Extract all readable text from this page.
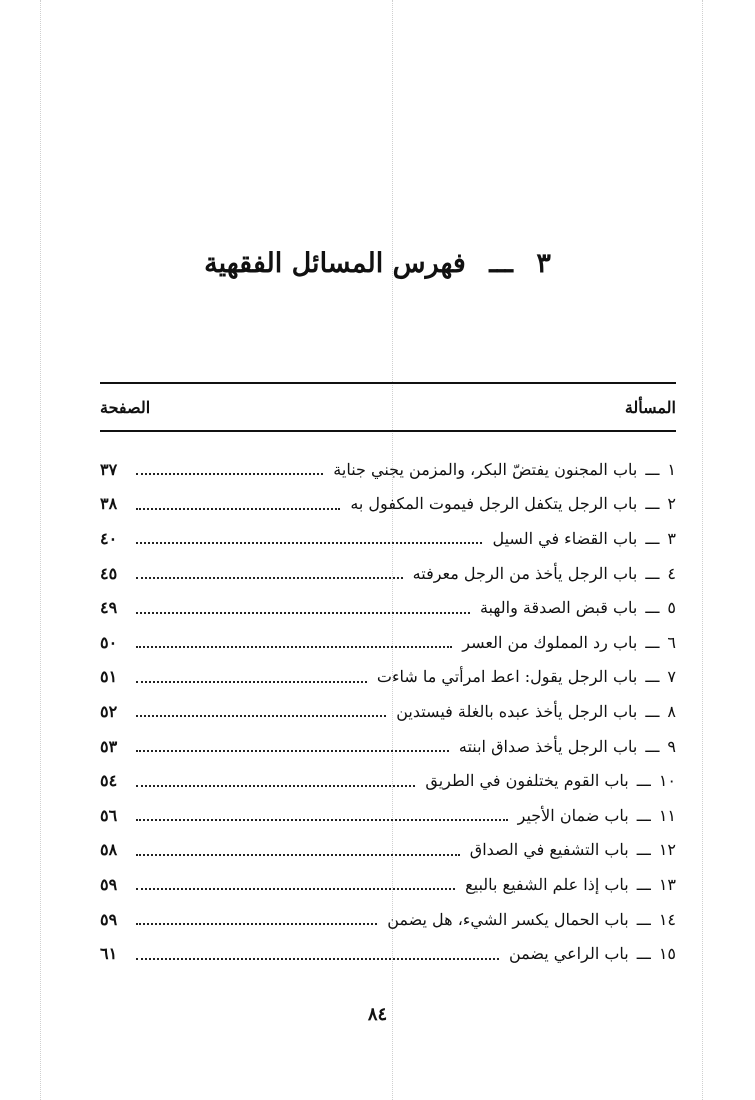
٣ ـــ فهرس المسائل الفقهية
المسألة
الصفحة
١
ـــ
باب المجنون يفتضّ البكر، والمزمن يجني جناية
٣٧
٢
ـــ
باب الرجل يتكفل الرجل فيموت المكفول به
٣٨
٣
ـــ
باب القضاء في السيل
٤٠
٤
ـــ
باب الرجل يأخذ من الرجل معرفته
٤٥
٥
ـــ
باب قبض الصدقة والهبة
٤٩
٦
ـــ
باب رد المملوك من العسر
٥٠
٧
ـــ
باب الرجل يقول: اعط امرأتي ما شاءت
٥١
٨
ـــ
باب الرجل يأخذ عبده بالغلة فيستدين
٥٢
٩
ـــ
باب الرجل يأخذ صداق ابنته
٥٣
١٠
ـــ
باب القوم يختلفون في الطريق
٥٤
١١
ـــ
باب ضمان الأجير
٥٦
١٢
ـــ
باب التشفيع في الصداق
٥٨
١٣
ـــ
باب إذا علم الشفيع بالبيع
٥٩
١٤
ـــ
باب الحمال يكسر الشيء، هل يضمن
٥٩
١٥
ـــ
باب الراعي يضمن
٦١
٨٤
